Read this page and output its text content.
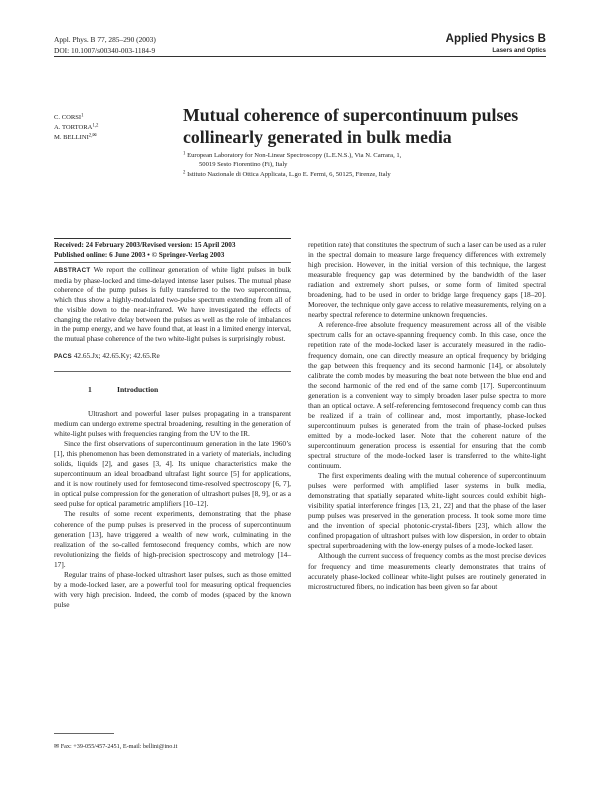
Appl. Phys. B 77, 285–290 (2003)
DOI: 10.1007/s00340-003-1184-9
Applied Physics B
Lasers and Optics
C. CORSI$^1$
A. TORTORA$^{1,2}$
M. $BELLINI^{2,✉}$
Mutual coherence of supercontinuum pulses
collinearly generated in bulk media
$^1$ European Laboratory for Non-Linear Spectroscopy (L.E.N.S.), Via N. Carrara, 1,
50019 Sesto Fiorentino (Fi), Italy
$^2$ Istituto Nazionale di Ottica Applicata, L.go E. Fermi, 6, 50125, Firenze, Italy
Received: 24 February 2003/Revised version: 15 April 2003
Published online: 6 June 2003 • © Springer-Verlag 2003
ABSTRACT We report the collinear generation of white light pulses in bulk media by phase-locked and time-delayed intense laser pulses. The mutual phase coherence of the pump pulses is fully transferred to the two supercontinua, which thus show a highly-modulated two-pulse spectrum extending from all of the visible down to the near-infrared. We have investigated the effects of changing the relative delay between the pulses as well as the role of imbalances in the pump energy, and we have found that, at least in a limited energy interval, the mutual phase coherence of the two white-light pulses is surprisingly robust.
PACS 42.65.Jx; 42.65.Ky; 42.65.Re
1	Introduction

Ultrashort and powerful laser pulses propagating in a transparent medium can undergo extreme spectral broadening, resulting in the generation of white-light pulses with frequencies ranging from the UV to the IR.

Since the first observations of supercontinuum generation in the late 1960’s [1], this phenomenon has been demonstrated in a variety of materials, including solids, liquids [2], and gases [3, 4]. Its unique characteristics make the supercontinuum an ideal broadband ultrafast light source [5] for applications, and it is now routinely used for femtosecond time-resolved spectroscopy [6, 7], in optical pulse compression for the generation of ultrashort pulses [8, 9], or as a seed pulse for optical parametric amplifiers [10–12].

The results of some recent experiments, demonstrating that the phase coherence of the pump pulses is preserved in the process of supercontinuum generation [13], have triggered a wealth of new work, culminating in the realization of the so-called femtosecond frequency combs, which are now revolutionizing the fields of high-precision spectroscopy and metrology [14–17].

Regular trains of phase-locked ultrashort laser pulses, such as those emitted by a mode-locked laser, are a powerful tool for measuring optical frequencies with very high precision. Indeed, the comb of modes (spaced by the known pulse

✉ Fax: +39-055/457-2451, E-mail: bellini@ino.it

repetition rate) that constitutes the spectrum of such a laser can be used as a ruler in the spectral domain to measure large frequency differences with extremely high precision. However, in the initial version of this technique, the largest measurable frequency gap was determined by the bandwidth of the laser radiation and extremely short pulses, or some form of limited spectral broadening, had to be used in order to bridge large frequency gaps [18–20]. Moreover, the technique only gave access to relative measurements, relying on a nearby spectral reference to determine unknown frequencies.

A reference-free absolute frequency measurement across all of the visible spectrum calls for an octave-spanning frequency comb. In this case, once the repetition rate of the mode-locked laser is accurately measured in the radio-frequency domain, one can directly measure an optical frequency by bridging the gap between this frequency and its second harmonic [14], or absolutely calibrate the comb modes by measuring the beat note between the blue end and the second harmonic of the red end of the same comb [17]. Supercontinuum generation is a convenient way to simply broaden laser pulse spectra to more than an optical octave. A self-referencing femtosecond frequency comb can thus be realized if a train of collinear and, most importantly, phase-locked supercontinuum pulses is generated from the train of phase-locked pulses emitted by a mode-locked laser. Note that the coherent nature of the supercontinuum generation process is essential for ensuring that the comb spectral structure of the mode-locked laser is transferred to the white-light continuum.

The first experiments dealing with the mutual coherence of supercontinuum pulses were performed with amplified laser systems in bulk media, demonstrating that spatially separated white-light sources could exhibit high-visibility spatial interference fringes [13, 21, 22] and that the phase of the laser pump pulses was preserved in the generation process. It took some more time and the invention of special photonic-crystal-fibers [23], which allow the confined propagation of ultrashort pulses with low dispersion, in order to obtain spectral superbroadening with the low-energy pulses of a mode-locked laser.

Although the current success of frequency combs as the most precise devices for frequency and time measurements clearly demonstrates that trains of accurately phase-locked collinear white-light pulses are routinely generated in microstructured fibers, no indication has been given so far about
